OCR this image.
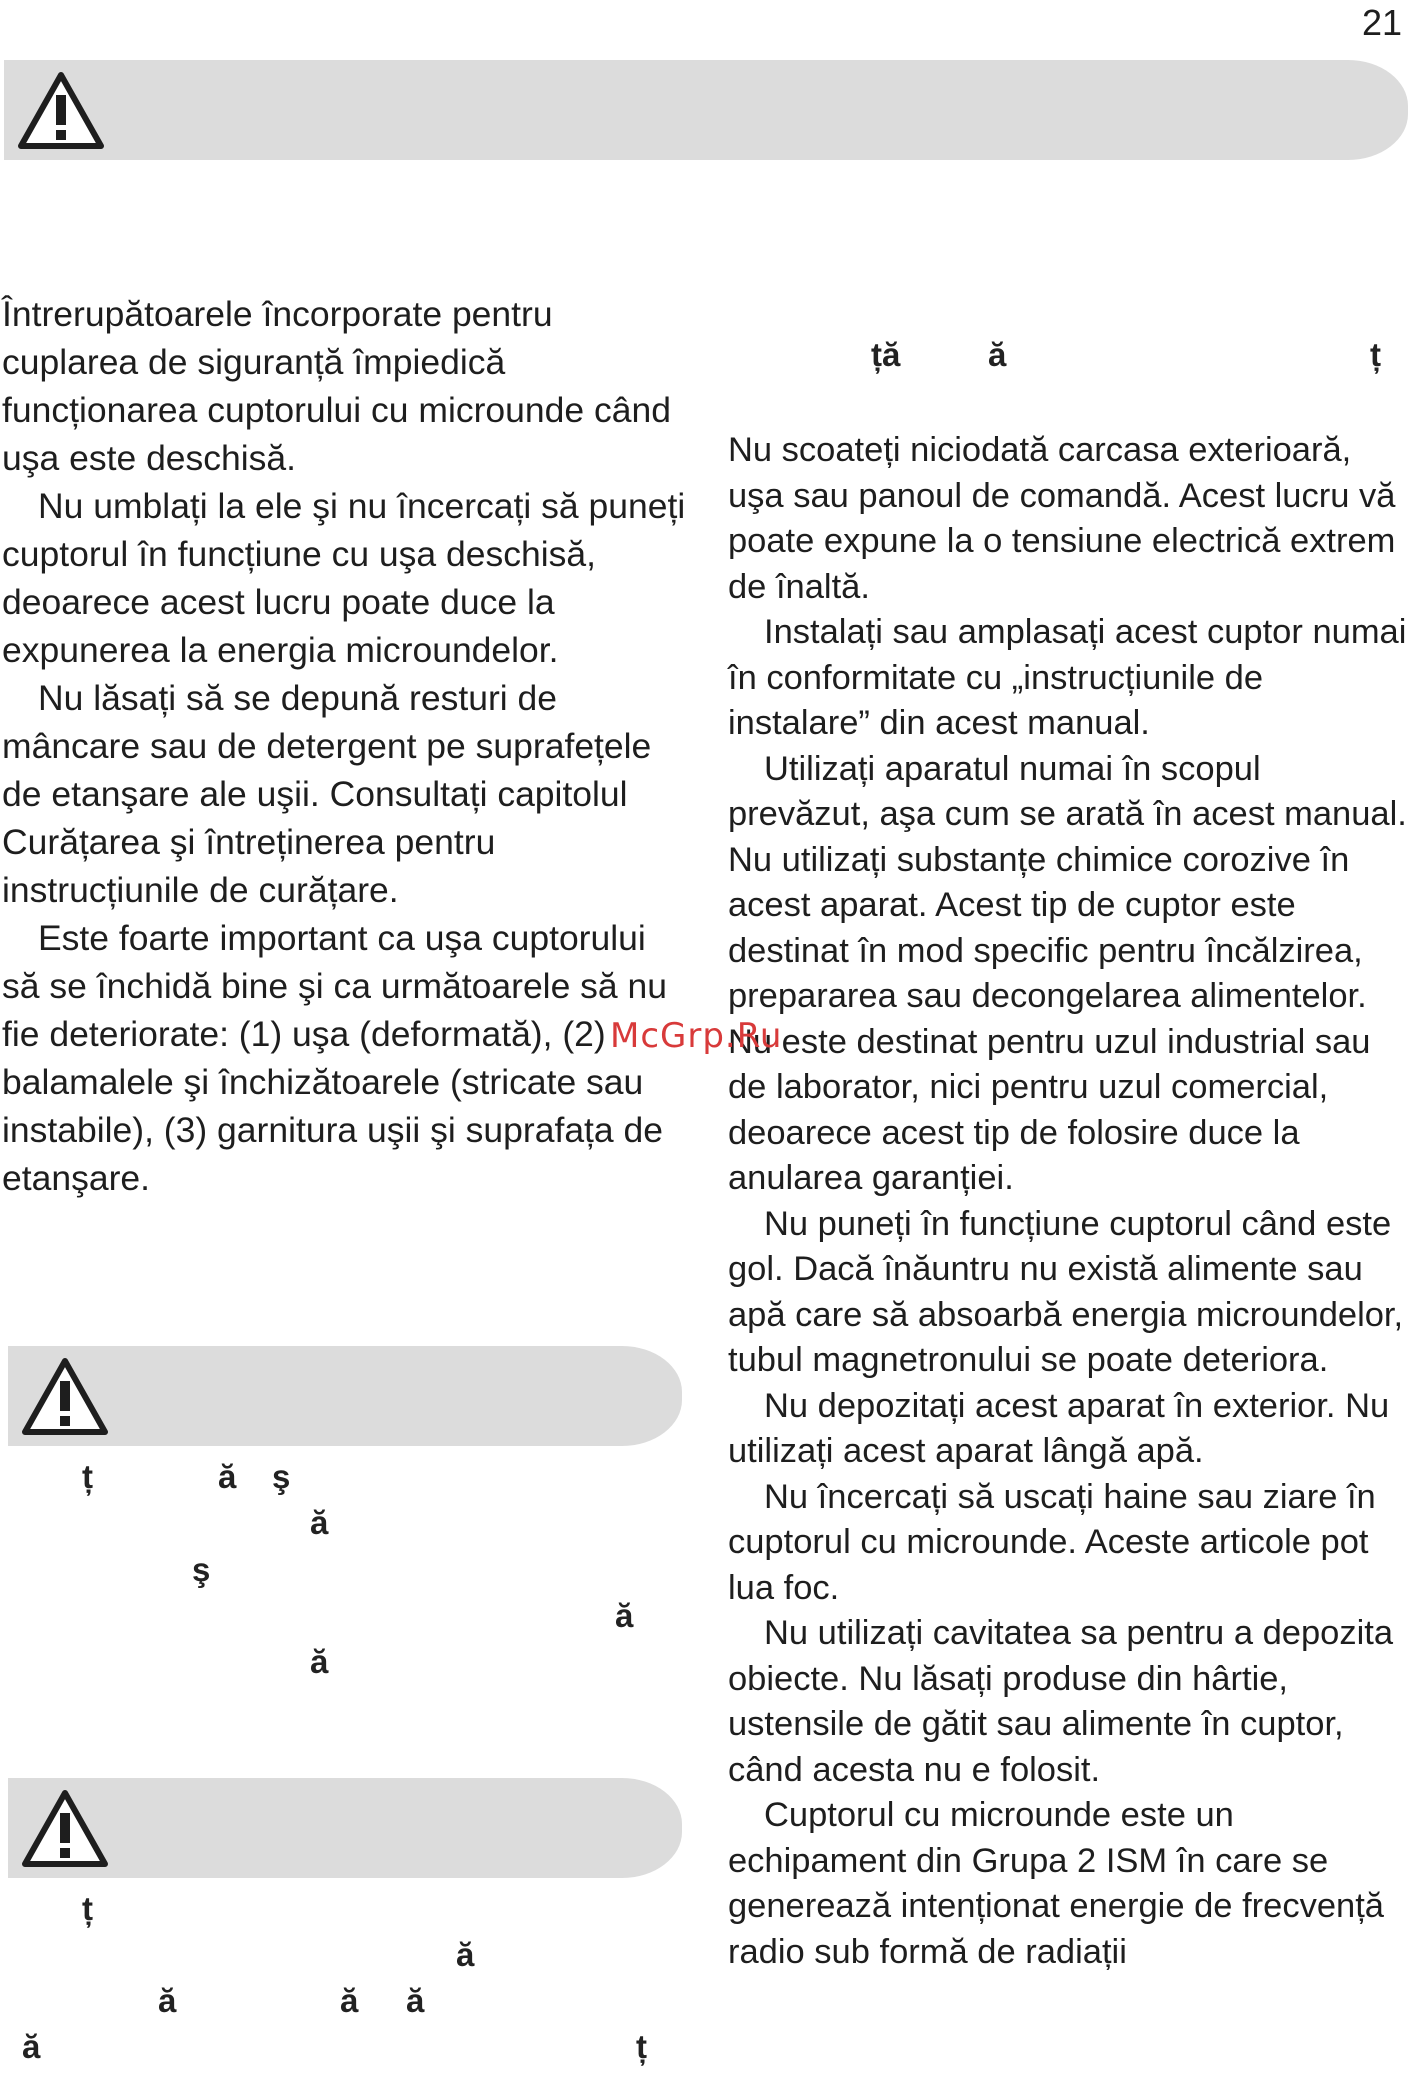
21

Întrerupătoarele încorporate pentru cuplarea de siguranță împiedică funcționarea cuptorului cu microunde când uşa este deschisă.

Nu umblați la ele şi nu încercați să puneți cuptorul în funcțiune cu uşa deschisă, deoarece acest lucru poate duce la expunerea la energia microundelor.

Nu lăsați să se depună resturi de mâncare sau de detergent pe suprafețele de etanşare ale uşii. Consultați capitolul Curățarea şi întreținerea pentru instrucțiunile de curățare.

Este foarte important ca uşa cuptorului să se închidă bine şi ca următoarele să nu fie deteriorate: (1) uşa (deformată), (2) balamalele şi închizătoarele (stricate sau instabile), (3) garnitura uşii şi suprafața de etanşare.

ță	ă	ț

Nu scoateți niciodată carcasa exterioară, uşa sau panoul de comandă. Acest lucru vă poate expune la o tensiune electrică extrem de înaltă.

Instalați sau amplasați acest cuptor numai în conformitate cu „instrucțiunile de instalare” din acest manual.

Utilizați aparatul numai în scopul prevăzut, aşa cum se arată în acest manual. Nu utilizați substanțe chimice corozive în acest aparat. Acest tip de cuptor este destinat în mod specific pentru încălzirea, prepararea sau decongelarea alimentelor. Nu este destinat pentru uzul industrial sau de laborator, nici pentru uzul comercial, deoarece acest tip de folosire duce la anularea garanției.

Nu puneți în funcțiune cuptorul când este gol. Dacă înăuntru nu există alimente sau apă care să absoarbă energia microundelor, tubul magnetronului se poate deteriora.

Nu depozitați acest aparat în exterior. Nu utilizați acest aparat lângă apă.

Nu încercați să uscați haine sau ziare în cuptorul cu microunde. Aceste articole pot lua foc.

Nu utilizați cavitatea sa pentru a depozita obiecte. Nu lăsați produse din hârtie, ustensile de gătit sau alimente în cuptor, când acesta nu e folosit.

Cuptorul cu microunde este un echipament din Grupa 2 ISM în care se generează intenționat energie de frecvență radio sub formă de radiații

ț	ă ş
ă
ş
ă
ă
ț
ă
ă	ă ă
ă	ț
McGrp.Ru
